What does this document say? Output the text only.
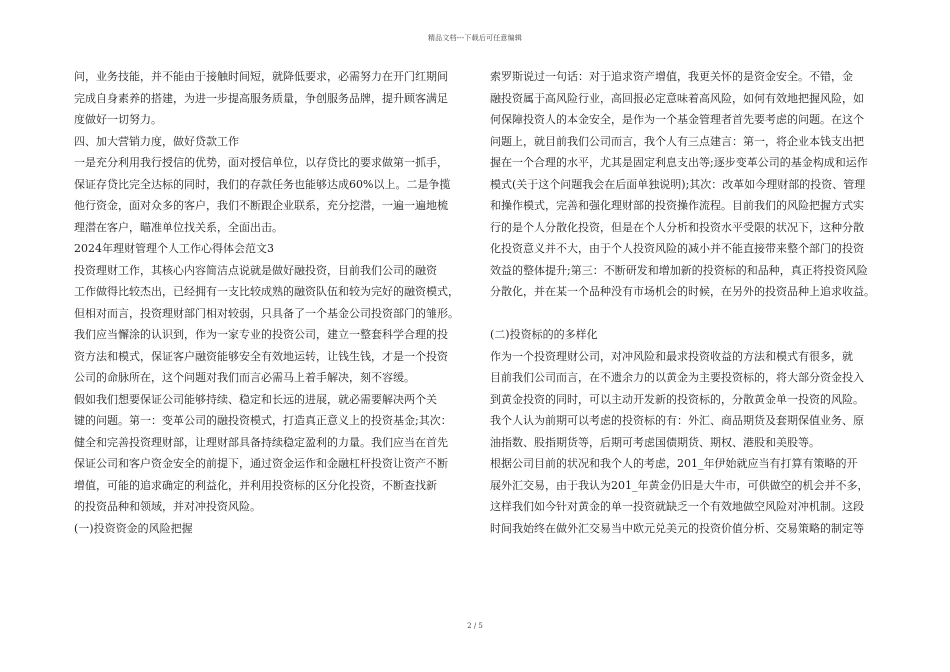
精品文档---下载后可任意编辑
问，业务技能，并不能由于接触时间短，就降低要求，必需努力在开门红期间
完成自身素养的搭建，为进一步提高服务质量，争创服务品牌，提升顾客满足
度做好一切努力。
四、加大营销力度，做好贷款工作
一是充分利用我行授信的优势，面对授信单位，以存贷比的要求做第一抓手，
保证存贷比完全达标的同时，我们的存款任务也能够达成60%以上。二是争揽
他行资金，面对众多的客户，我们不断跟企业联系，充分挖潜，一遍一遍地梳
理潜在客户，瞄准单位找关系，全面出击。
2024年理财管理个人工作心得体会范文3
投资理财工作，其核心内容简洁点说就是做好融投资，目前我们公司的融资
工作做得比较杰出，已经拥有一支比较成熟的融资队伍和较为完好的融资模式，
但相对而言，投资理财部门相对较弱，只具备了一个基金公司投资部门的雏形。
我们应当懈涂的认识到，作为一家专业的投资公司，建立一整套科学合理的投
资方法和模式，保证客户融资能够安全有效地运转，让钱生钱，才是一个投资
公司的命脉所在，这个问题对我们而言必需马上着手解决，刻不容缓。
假如我们想要保证公司能够持续、稳定和长远的进展，就必需要解决两个关
键的问题。第一：变革公司的融投资模式，打造真正意义上的投资基金;其次：
健全和完善投资理财部，让理财部具备持续稳定盈利的力量。我们应当在首先
保证公司和客户资金安全的前提下，通过资金运作和金融杠杆投资让资产不断
增值，可能的追求确定的利益化，并利用投资标的区分化投资，不断查找新
的投资品种和领域，并对冲投资风险。
(一)投资资金的风险把握
索罗斯说过一句话：对于追求资产增值，我更关怀的是资金安全。不错，金
融投资属于高风险行业，高回报必定意味着高风险，如何有效地把握风险，如
何保障投资人的本金安全，是作为一个基金管理者首先要考虑的问题。在这个
问题上，就目前我们公司而言，我个人有三点建言：第一，将企业本钱支出把
握在一个合理的水平，尤其是固定利息支出等;逐步变革公司的基金构成和运作
模式(关于这个问题我会在后面单独说明);其次：改革如今理财部的投资、管理
和操作模式，完善和强化理财部的投资操作流程。目前我们的风险把握方式实
行的是个人分散化投资，但是在个人分析和投资水平受限的状况下，这种分散
化投资意义并不大，由于个人投资风险的减小并不能直接带来整个部门的投资
效益的整体提升;第三：不断研发和增加新的投资标的和品种，真正将投资风险
分散化，并在某一个品种没有市场机会的时候，在另外的投资品种上追求收益。
(二)投资标的的多样化
作为一个投资理财公司，对冲风险和最求投资收益的方法和模式有很多，就
目前我们公司而言，在不遗余力的以黄金为主要投资标的，将大部分资金投入
到黄金投资的同时，可以主动开发新的投资标的，分散黄金单一投资的风险。
我个人认为前期可以考虑的投资标的有：外汇、商品期货及套期保值业务、原
油指数、股指期货等，后期可考虑国债期货、期权、港股和美股等。
根据公司目前的状况和我个人的考虑，201_年伊始就应当有打算有策略的开
展外汇交易，由于我认为201_年黄金仍旧是大牛市，可供做空的机会并不多，
这样我们如今针对黄金的单一投资就缺乏一个有效地做空风险对冲机制。这段
时间我始终在做外汇交易当中欧元兑美元的投资价值分析、交易策略的制定等
2 / 5
